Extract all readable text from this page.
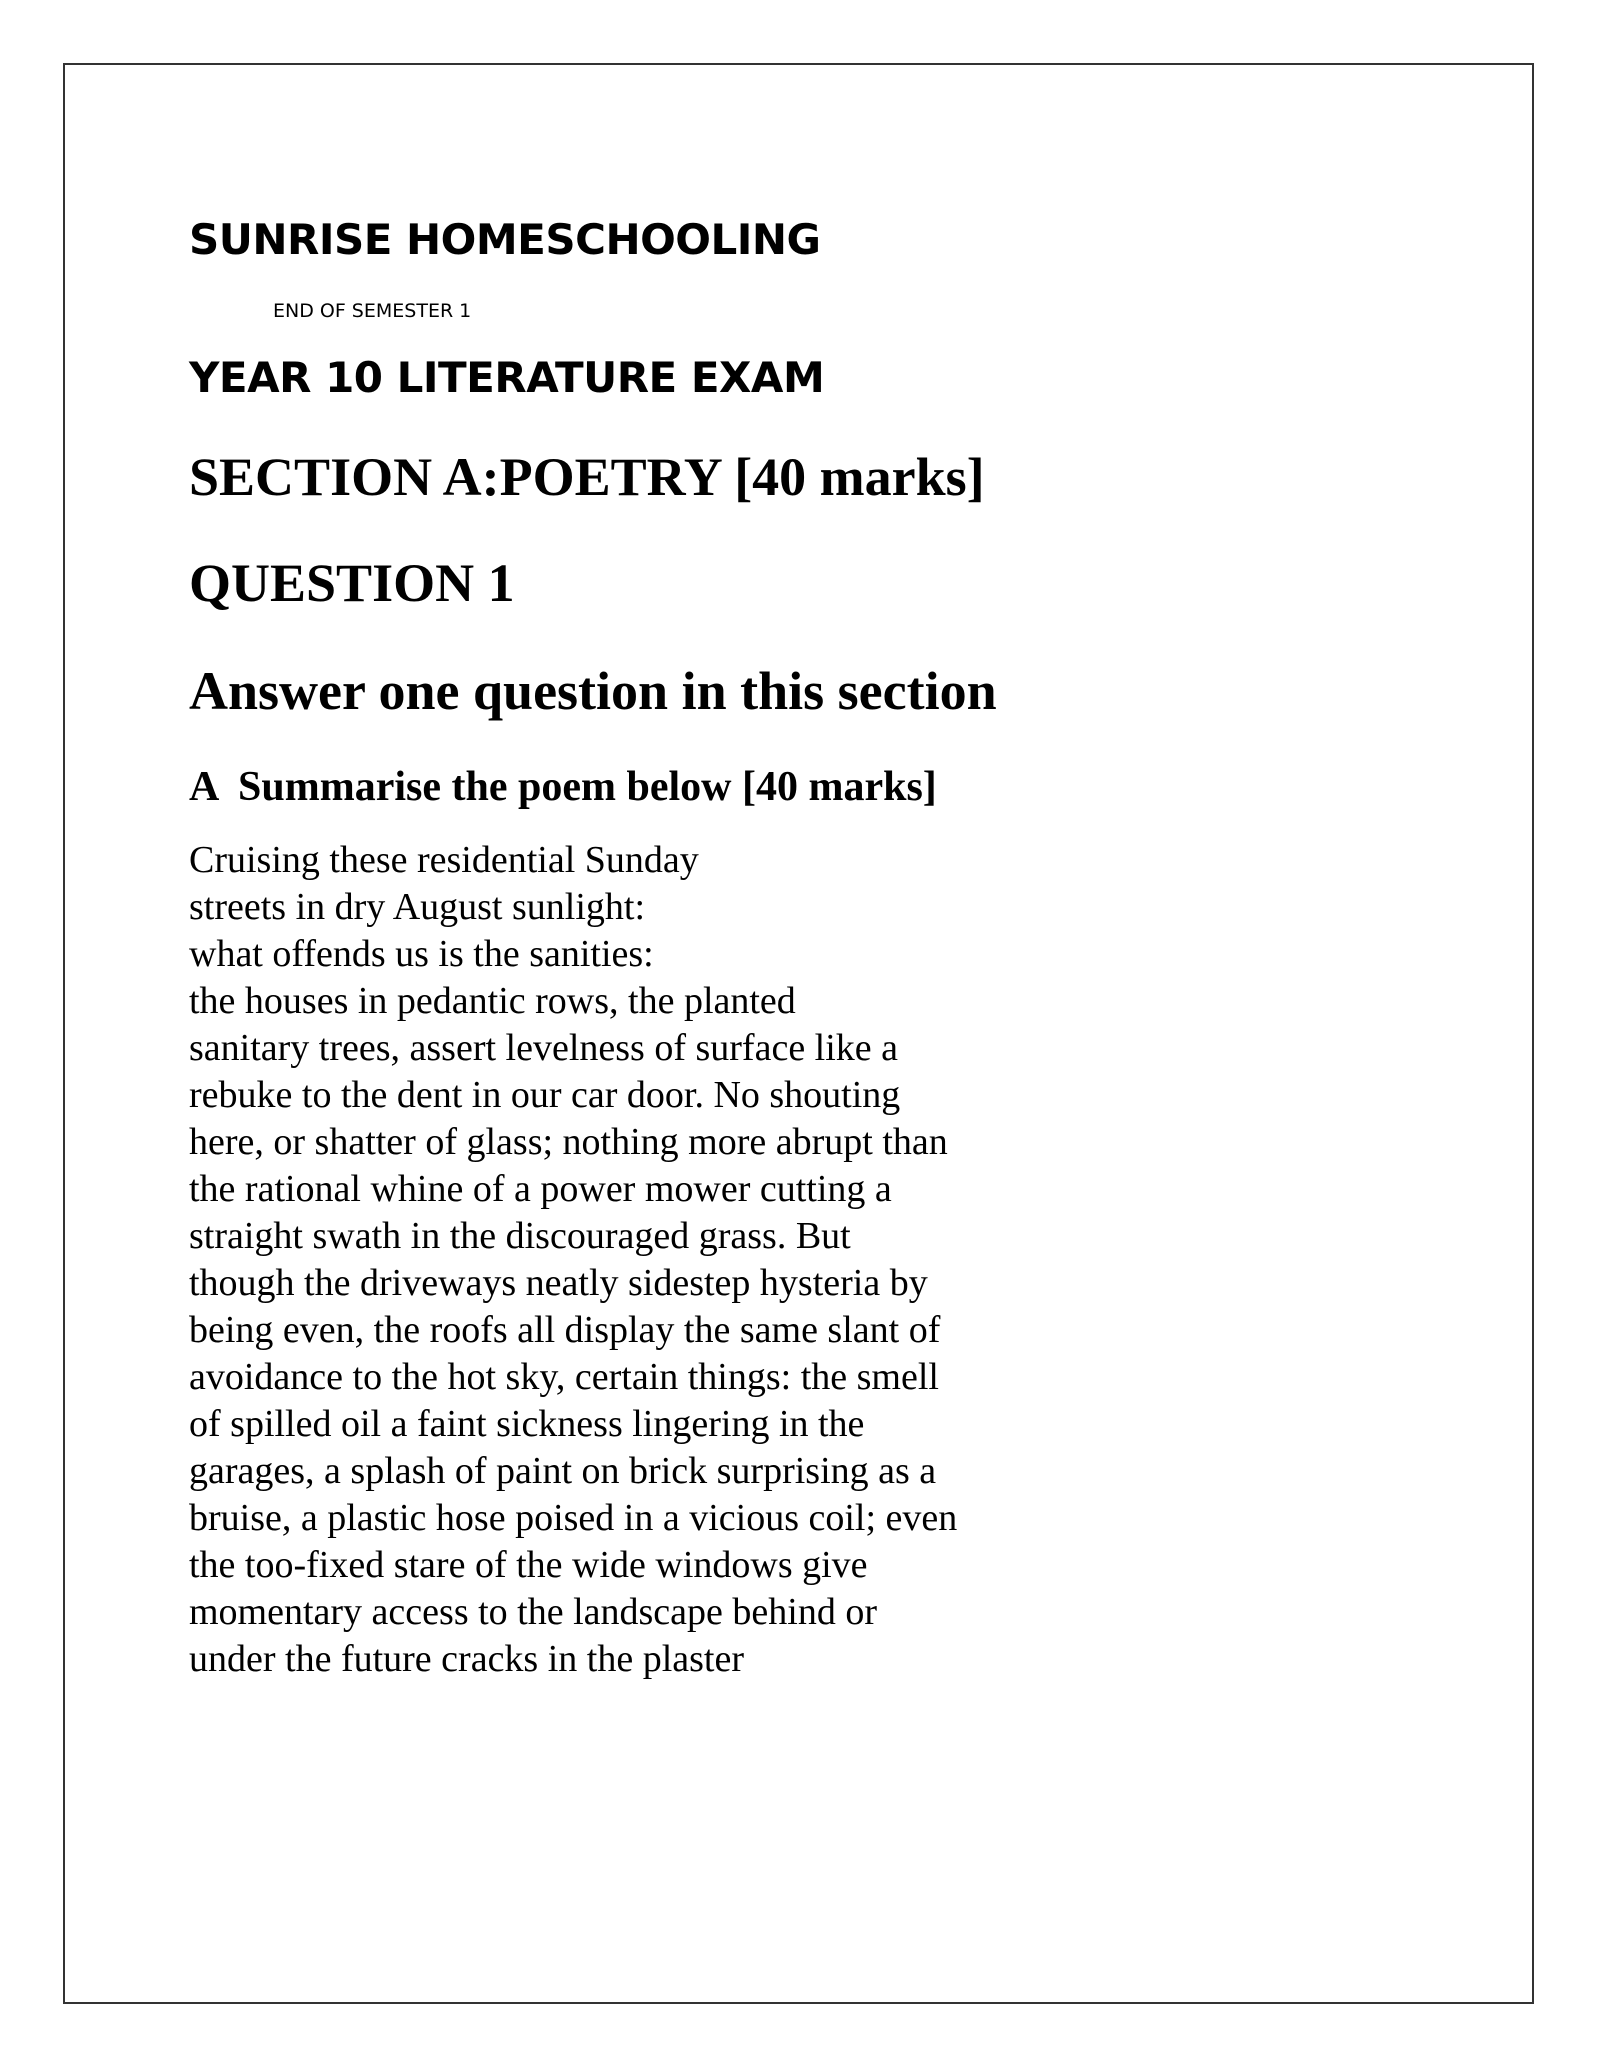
SUNRISE HOMESCHOOLING

END OF SEMESTER 1

YEAR 10 LITERATURE EXAM
SECTION A:POETRY [40 marks]
QUESTION 1
Answer one question in this section
A  Summarise the poem below [40 marks]

Cruising these residential Sunday

streets in dry August sunlight:

what offends us is the sanities:

the houses in pedantic rows, the planted

sanitary trees, assert levelness of surface like a

rebuke to the dent in our car door. No shouting

here, or shatter of glass; nothing more abrupt than

the rational whine of a power mower cutting a

straight swath in the discouraged grass. But

though the driveways neatly sidestep hysteria by

being even, the roofs all display the same slant of

avoidance to the hot sky, certain things: the smell

of spilled oil a faint sickness lingering in the

garages, a splash of paint on brick surprising as a

bruise, a plastic hose poised in a vicious coil; even

the too-fixed stare of the wide windows give

momentary access to the landscape behind or

under the future cracks in the plaster
